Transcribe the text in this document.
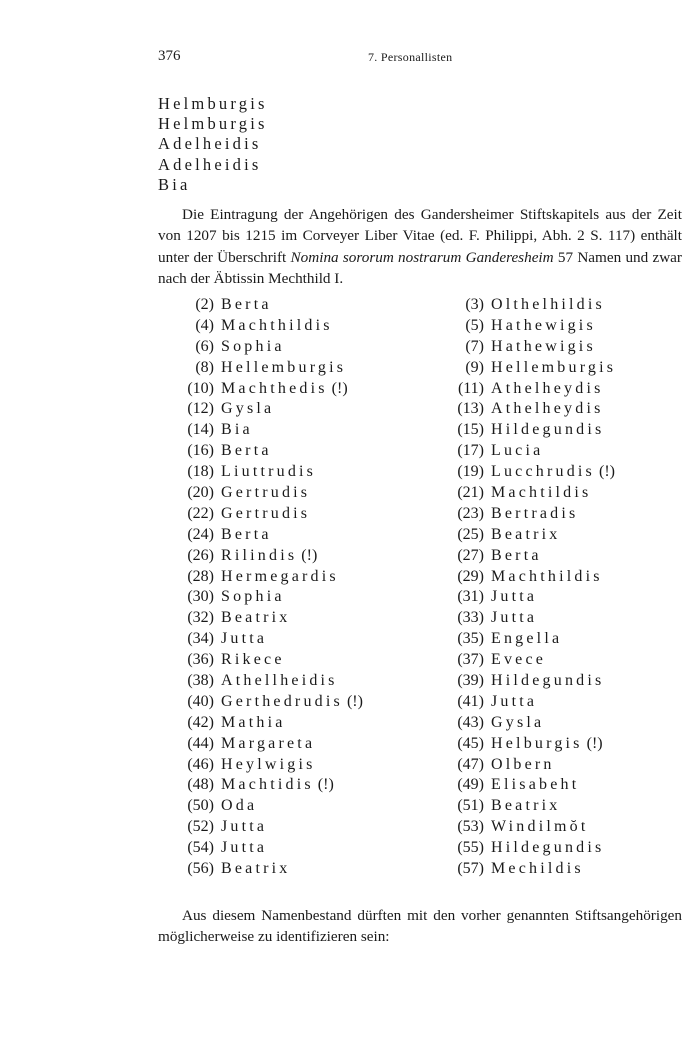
376	7. Personallisten
Helmburgis
Helmburgis
Adelheidis
Adelheidis
Bia
Die Eintragung der Angehörigen des Gandersheimer Stiftskapitels aus der Zeit von 1207 bis 1215 im Corveyer Liber Vitae (ed. F. Philippi, Abh. 2 S. 117) enthält unter der Überschrift Nomina sororum nostrarum Ganderesheim 57 Namen und zwar nach der Äbtissin Mechthild I.
(2) Berta	(3) Olthelhildis
(4) Machthildis	(5) Hathewigis
(6) Sophia	(7) Hathewigis
(8) Hellemburgis	(9) Hellemburgis
(10) Machthedis (!)	(11) Athelheydis
(12) Gysla	(13) Athelheydis
(14) Bia	(15) Hildegundis
(16) Berta	(17) Lucia
(18) Liuttrudis	(19) Lucchrudis (!)
(20) Gertrudis	(21) Machtildis
(22) Gertrudis	(23) Bertradis
(24) Berta	(25) Beatrix
(26) Rilindis (!)	(27) Berta
(28) Hermegardis	(29) Machthildis
(30) Sophia	(31) Jutta
(32) Beatrix	(33) Jutta
(34) Jutta	(35) Engella
(36) Rikece	(37) Evece
(38) Athellheidis	(39) Hildegundis
(40) Gerthedrudis (!)	(41) Jutta
(42) Mathia	(43) Gysla
(44) Margareta	(45) Helburgis (!)
(46) Heylwigis	(47) Olbern
(48) Machtidis (!)	(49) Elisabeht
(50) Oda	(51) Beatrix
(52) Jutta	(53) Windilmŏt
(54) Jutta	(55) Hildegundis
(56) Beatrix	(57) Mechildis
Aus diesem Namenbestand dürften mit den vorher genannten Stiftsangehörigen möglicherweise zu identifizieren sein:
